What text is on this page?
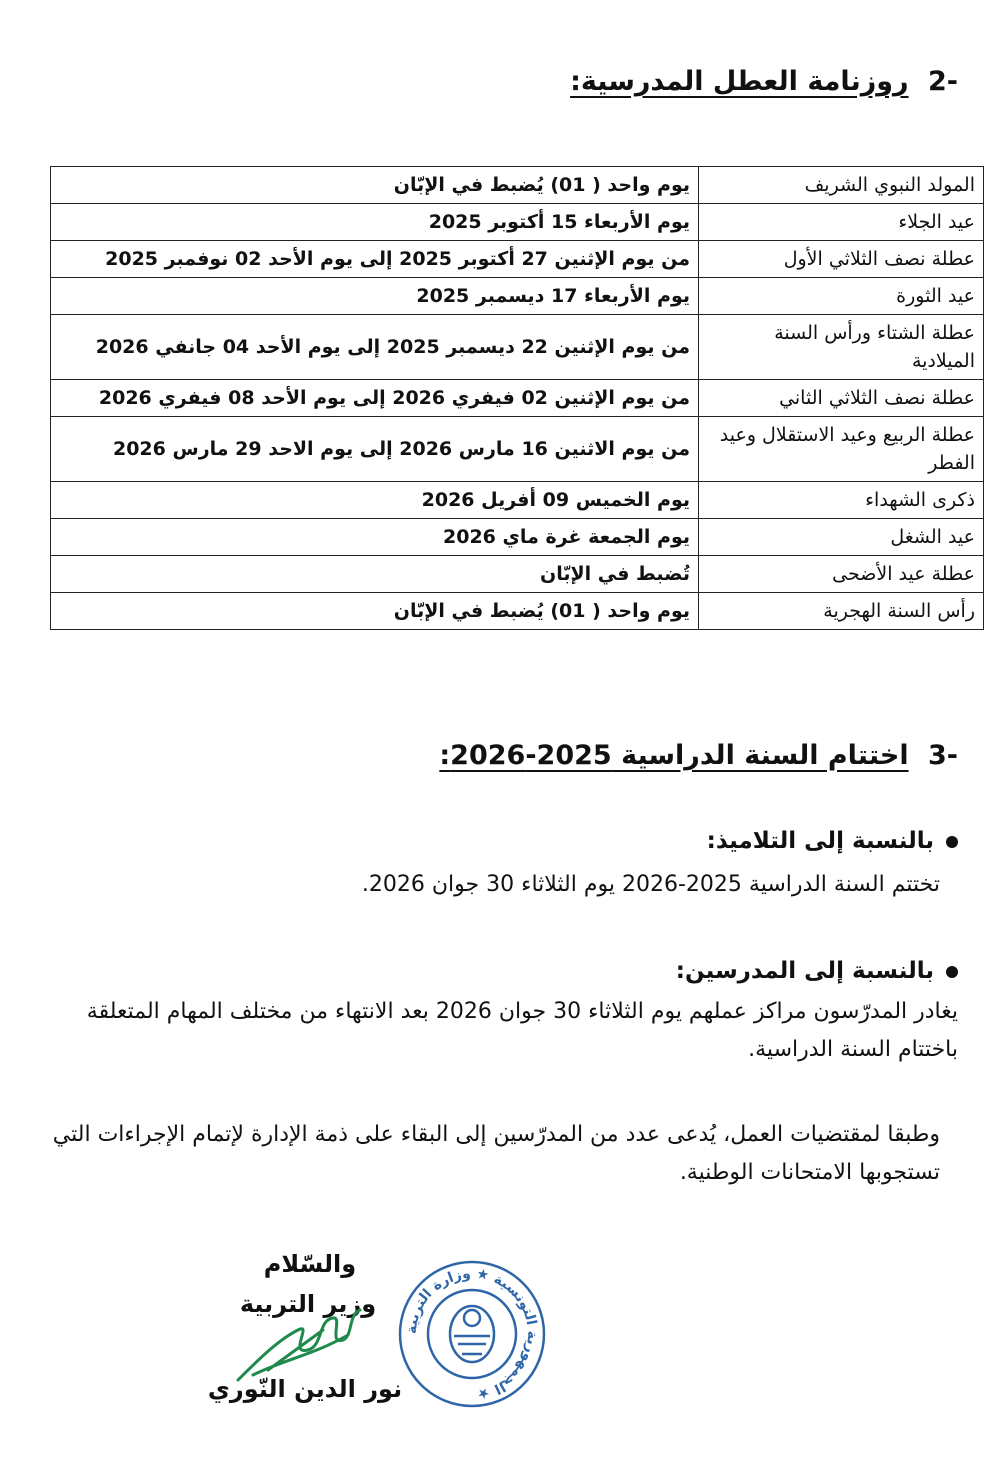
-2 روزنامة العطل المدرسية:
المولد النبوي الشريف	يوم واحد ( 01) يُضبط في الإبّان
عيد الجلاء	يوم الأربعاء 15 أكتوبر 2025
عطلة نصف الثلاثي الأول	من يوم الإثنين 27 أكتوبر 2025 إلى يوم الأحد 02 نوفمبر 2025
عيد الثورة	يوم الأربعاء 17 ديسمبر 2025
عطلة الشتاء ورأس السنة الميلادية	من يوم الإثنين 22 ديسمبر 2025 إلى يوم الأحد 04 جانفي 2026
عطلة نصف الثلاثي الثاني	من يوم الإثنين 02 فيفري 2026 إلى يوم الأحد 08 فيفري 2026
عطلة الربيع وعيد الاستقلال وعيد الفطر	من يوم الاثنين 16 مارس 2026 إلى يوم الاحد 29 مارس 2026
ذكرى الشهداء	يوم الخميس 09 أفريل 2026
عيد الشغل	يوم الجمعة غرة ماي 2026
عطلة عيد الأضحى	تُضبط في الإبّان
رأس السنة الهجرية	يوم واحد ( 01) يُضبط في الإبّان
-3 اختتام السنة الدراسية 2025-2026:
بالنسبة إلى التلاميذ:
تختتم السنة الدراسية 2025-2026 يوم الثلاثاء 30 جوان 2026.
بالنسبة إلى المدرسين:
يغادر المدرّسون مراكز عملهم يوم الثلاثاء 30 جوان 2026 بعد الانتهاء من مختلف المهام المتعلقة باختتام السنة الدراسية.
وطبقا لمقتضيات العمل، يُدعى عدد من المدرّسين إلى البقاء على ذمة الإدارة لإتمام الإجراءات التي تستجوبها الامتحانات الوطنية.
والسّلام
وزير التربية
نور الدين النّوري
الجمهورية التونسية ★ وزارة التربية ★
